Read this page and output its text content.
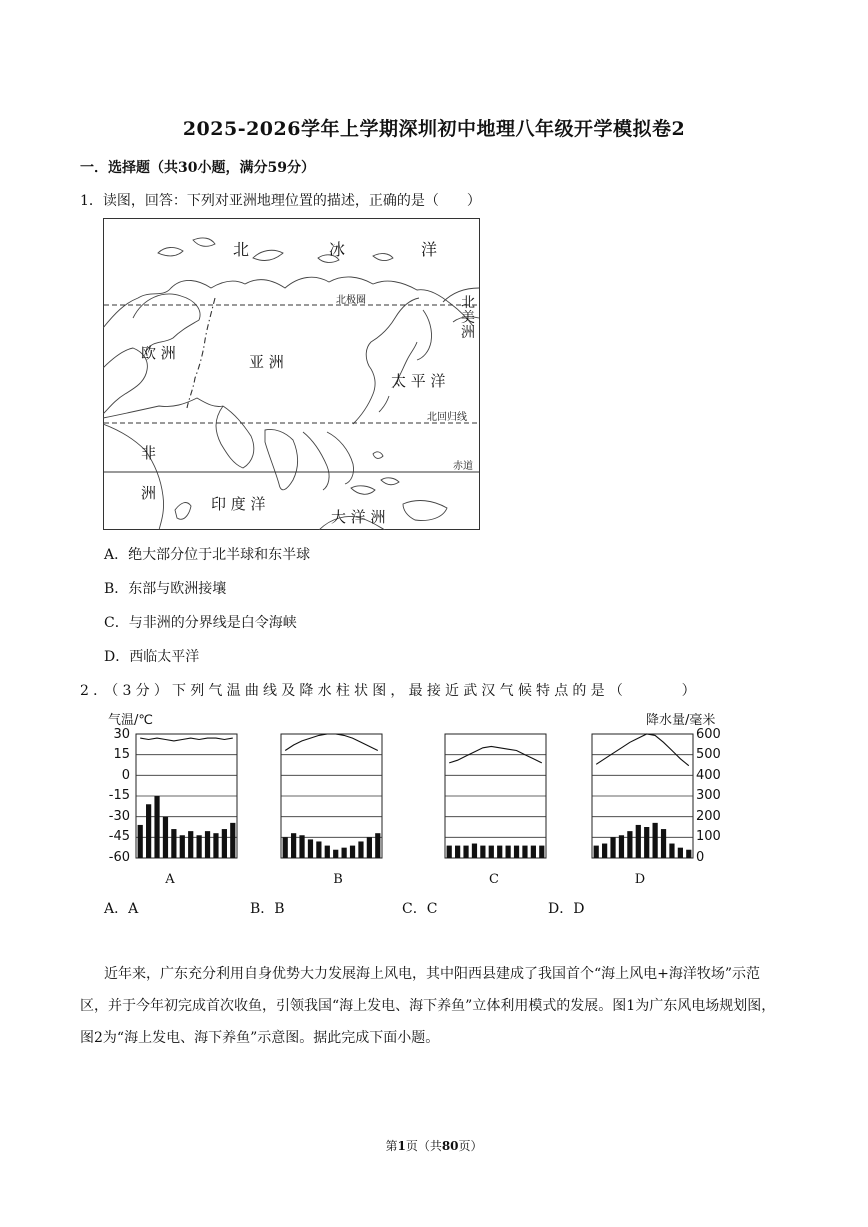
2025-2026学年上学期深圳初中地理八年级开学模拟卷2
一．选择题（共30小题，满分59分）
1．读图，回答：下列对亚洲地理位置的描述，正确的是（　　）
北	冰	洋
北极圈	北
美
洲
欧 洲	亚 洲
太 平 洋
北回归线
非
洲
赤道
印 度 洋
大 洋 洲
A．绝大部分位于北半球和东半球
B．东部与欧洲接壤
C．与非洲的分界线是白令海峡
D．西临太平洋
2．（3分）下列气温曲线及降水柱状图，最接近武汉气候特点的是（　　　）
气温/℃	降水量/毫米
30
15
0
-15
-30
-45
-60
600
500
400
300
200
100
0
A	B	C	D
A．A	B．B	C．C	D．D
近年来，广东充分利用自身优势大力发展海上风电，其中阳西县建成了我国首个“海上风电+海洋牧场”示范区，并于今年初完成首次收鱼，引领我国“海上发电、海下养鱼”立体利用模式的发展。图1为广东风电场规划图，图2为“海上发电、海下养鱼”示意图。据此完成下面小题。
第1页（共80页）
